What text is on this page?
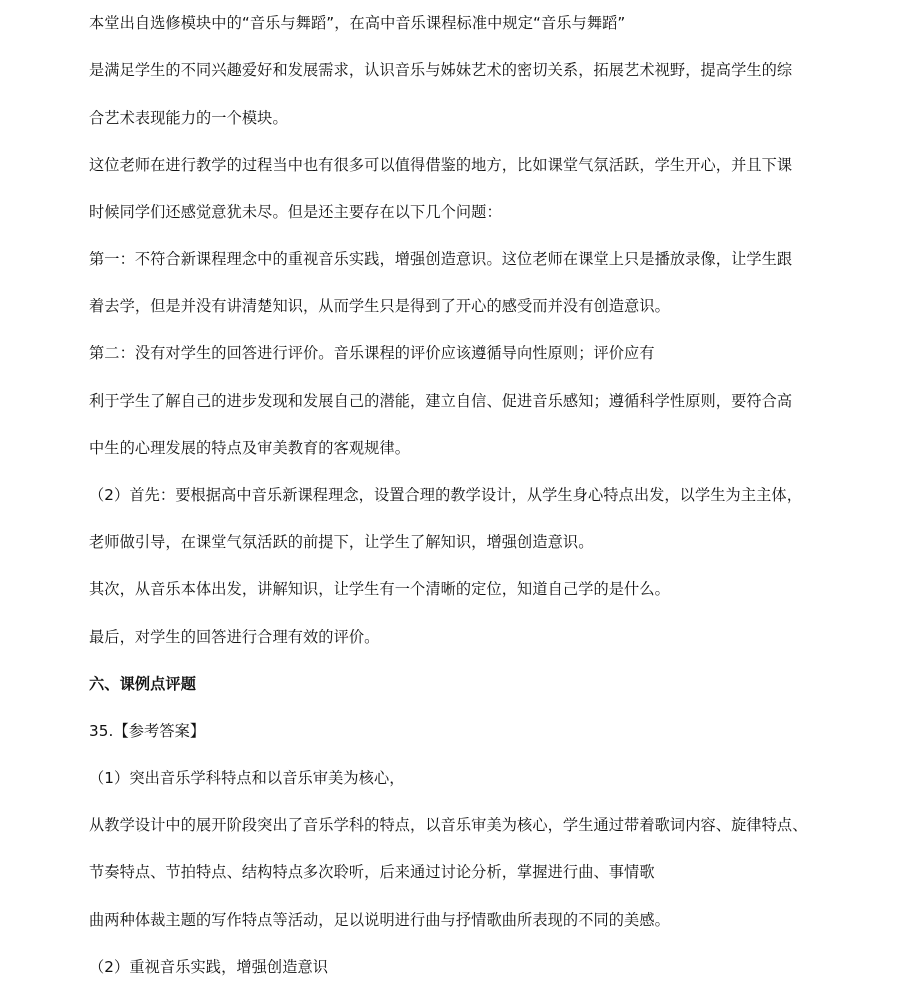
本堂出自选修模块中的“音乐与舞蹈”，在高中音乐课程标准中规定“音乐与舞蹈”
是满足学生的不同兴趣爱好和发展需求，认识音乐与姊妹艺术的密切关系，拓展艺术视野，提高学生的综
合艺术表现能力的一个模块。
这位老师在进行教学的过程当中也有很多可以值得借鉴的地方，比如课堂气氛活跃，学生开心，并且下课
时候同学们还感觉意犹未尽。但是还主要存在以下几个问题：
第一：不符合新课程理念中的重视音乐实践，增强创造意识。这位老师在课堂上只是播放录像，让学生跟
着去学，但是并没有讲清楚知识，从而学生只是得到了开心的感受而并没有创造意识。
第二：没有对学生的回答进行评价。音乐课程的评价应该遵循导向性原则；评价应有
利于学生了解自己的进步发现和发展自己的潜能，建立自信、促进音乐感知；遵循科学性原则，要符合高
中生的心理发展的特点及审美教育的客观规律。
（2）首先：要根据高中音乐新课程理念，设置合理的教学设计，从学生身心特点出发，以学生为主主体，
老师做引导，在课堂气氛活跃的前提下，让学生了解知识，增强创造意识。
其次，从音乐本体出发，讲解知识，让学生有一个清晰的定位，知道自己学的是什么。
最后，对学生的回答进行合理有效的评价。
六、课例点评题
35.【参考答案】
（1）突出音乐学科特点和以音乐审美为核心，
从教学设计中的展开阶段突出了音乐学科的特点，以音乐审美为核心，学生通过带着歌词内容、旋律特点、
节奏特点、节拍特点、结构特点多次聆听，后来通过讨论分析，掌握进行曲、事情歌
曲两种体裁主题的写作特点等活动，足以说明进行曲与抒情歌曲所表现的不同的美感。
（2）重视音乐实践，增强创造意识
